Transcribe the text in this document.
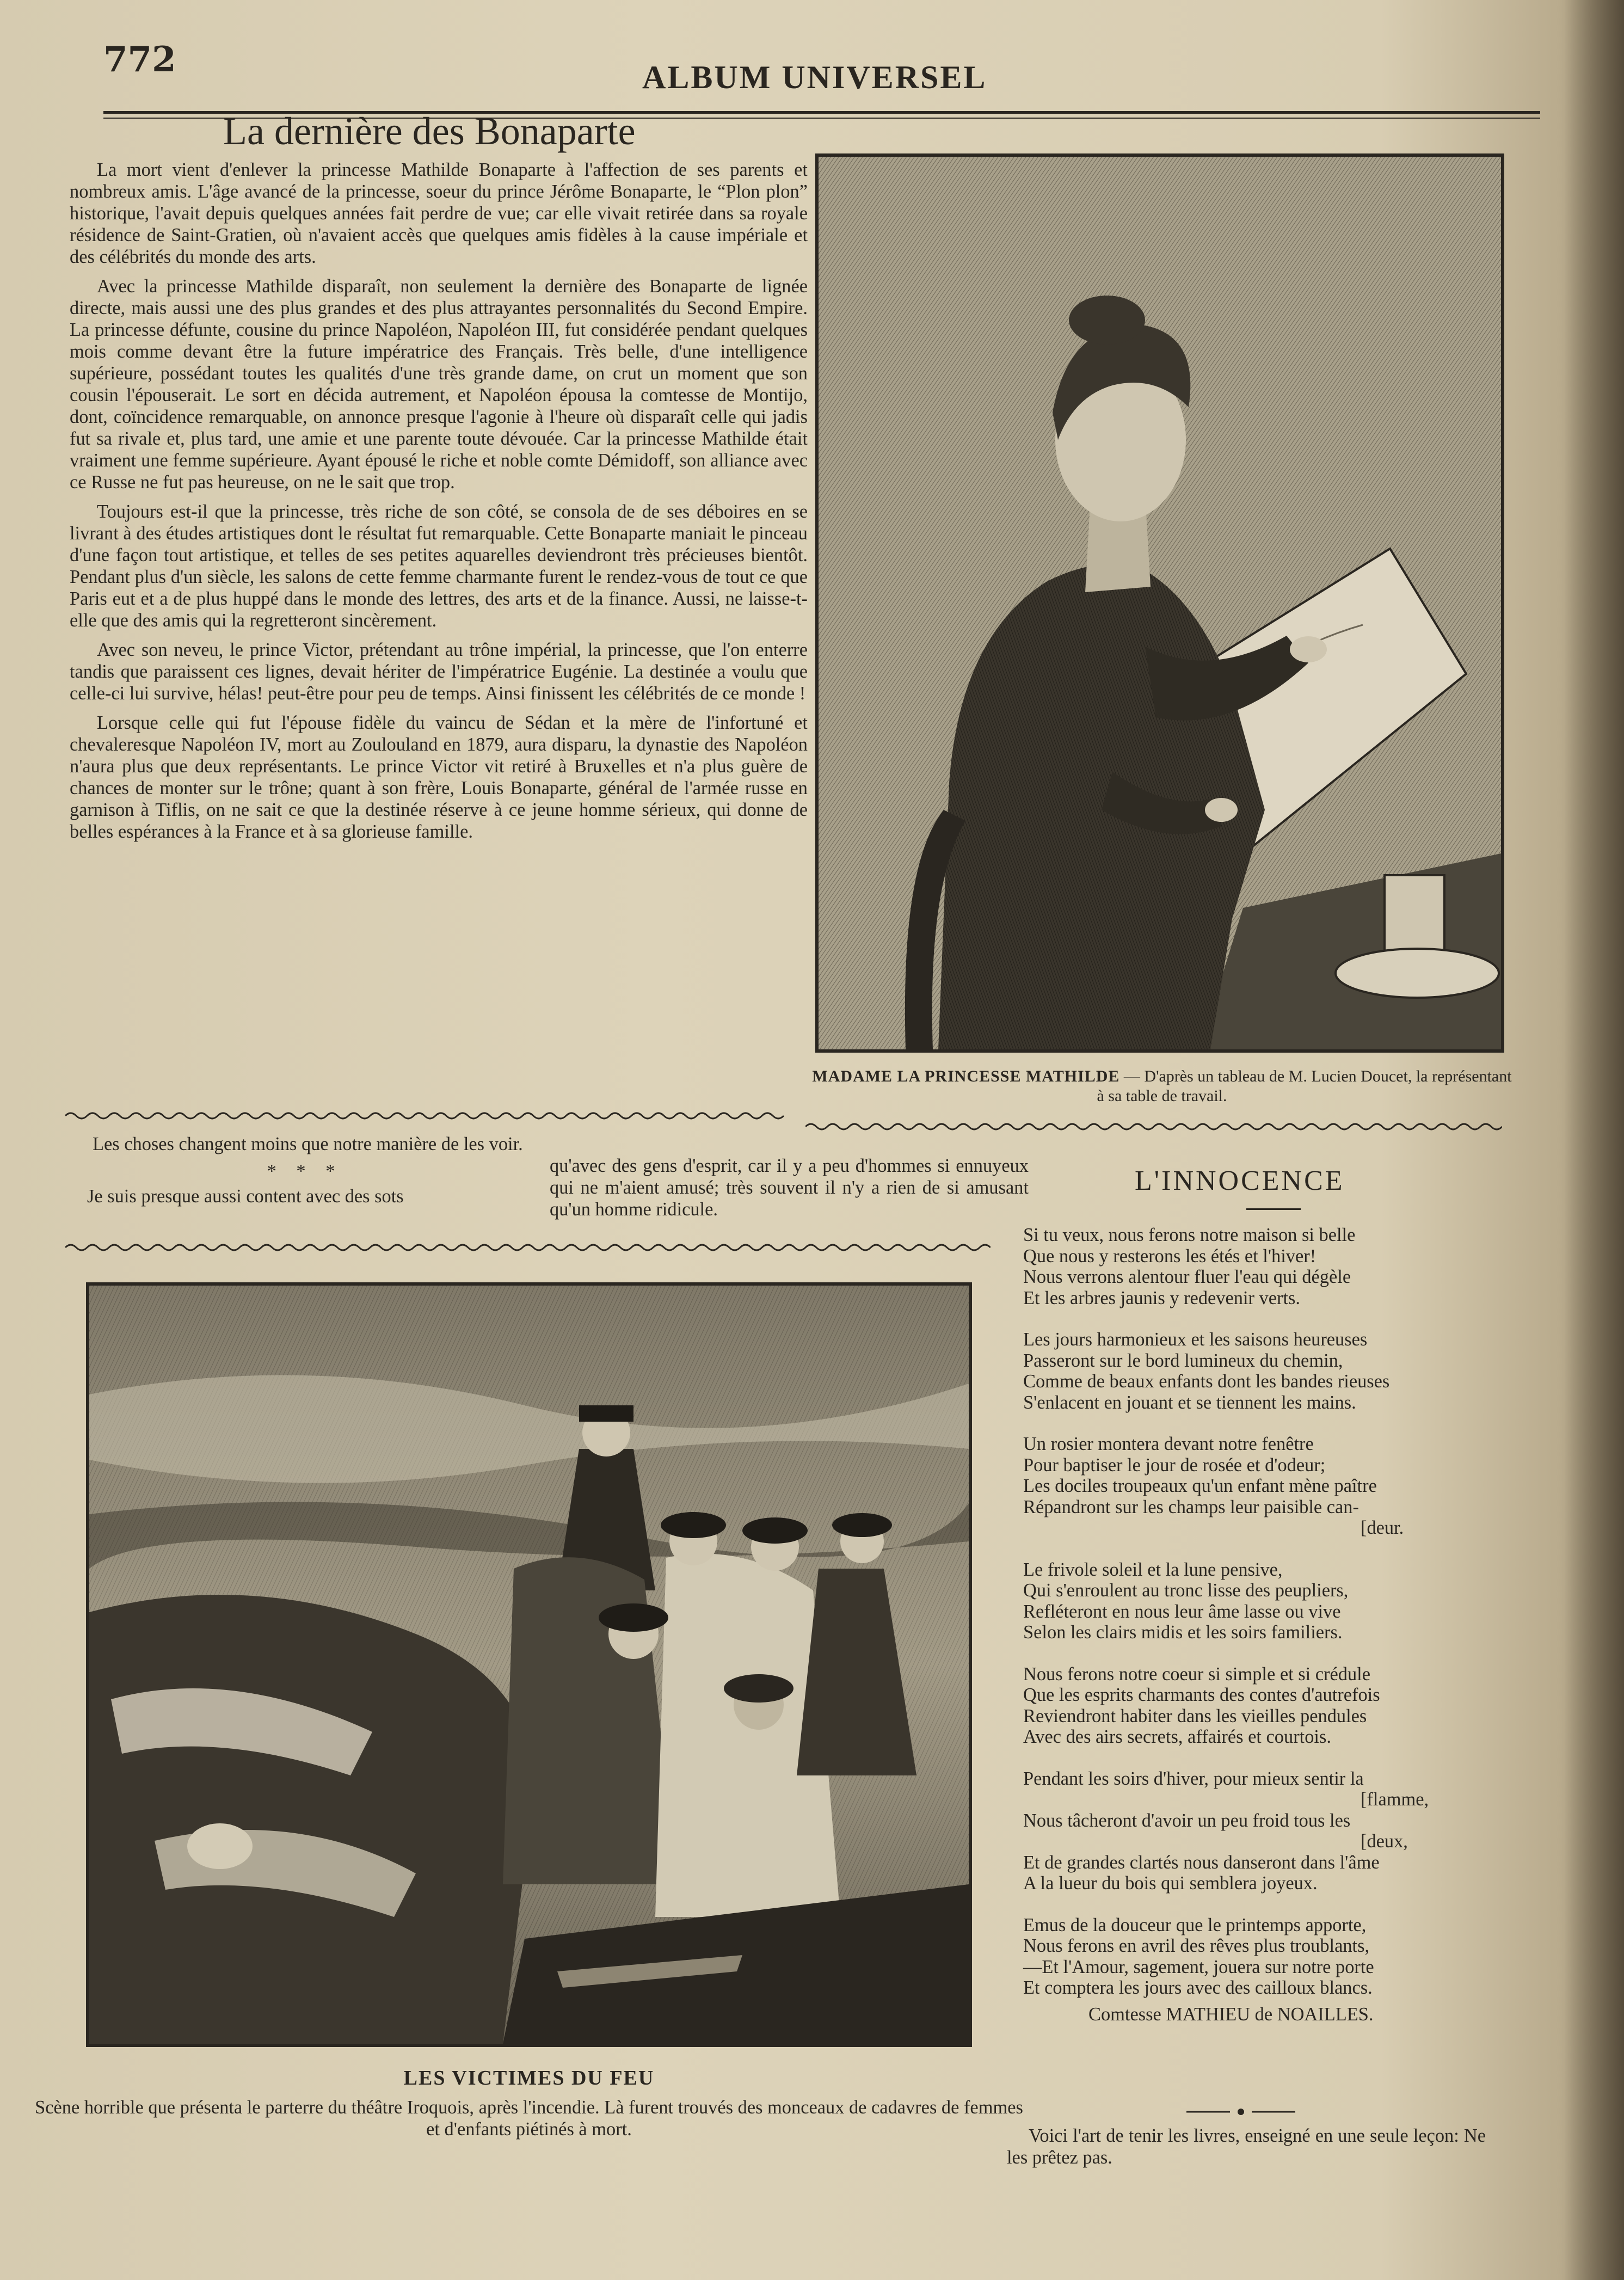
772	ALBUM UNIVERSEL
La dernière des Bonaparte

La mort vient d'enlever la princesse Mathilde Bonaparte à l'affection de ses parents et nombreux amis. L'âge avancé de la princesse, soeur du prince Jérôme Bonaparte, le “Plon plon” historique, l'avait depuis quelques années fait perdre de vue; car elle vivait retirée dans sa royale résidence de Saint-Gratien, où n'avaient accès que quelques amis fidèles à la cause impériale et des célébrités du monde des arts.

Avec la princesse Mathilde disparaît, non seulement la dernière des Bonaparte de lignée directe, mais aussi une des plus grandes et des plus attrayantes personnalités du Second Empire. La princesse défunte, cousine du prince Napoléon, Napoléon III, fut considérée pendant quelques mois comme devant être la future impératrice des Français. Très belle, d'une intelligence supérieure, possédant toutes les qualités d'une très grande dame, on crut un moment que son cousin l'épouserait. Le sort en décida autrement, et Napoléon épousa la comtesse de Montijo, dont, coïncidence remarquable, on annonce presque l'agonie à l'heure où disparaît celle qui jadis fut sa rivale et, plus tard, une amie et une parente toute dévouée. Car la princesse Mathilde était vraiment une femme supérieure. Ayant épousé le riche et noble comte Démidoff, son alliance avec ce Russe ne fut pas heureuse, on ne le sait que trop.

Toujours est-il que la princesse, très riche de son côté, se consola de de ses déboires en se livrant à des études artistiques dont le résultat fut remarquable. Cette Bonaparte maniait le pinceau d'une façon tout artistique, et telles de ses petites aquarelles deviendront très précieuses bientôt. Pendant plus d'un siècle, les salons de cette femme charmante furent le rendez-vous de tout ce que Paris eut et a de plus huppé dans le monde des lettres, des arts et de la finance. Aussi, ne laisse-t-elle que des amis qui la regretteront sincèrement.

Avec son neveu, le prince Victor, prétendant au trône impérial, la princesse, que l'on enterre tandis que paraissent ces lignes, devait hériter de l'impératrice Eugénie. La destinée a voulu que celle-ci lui survive, hélas! peut-être pour peu de temps. Ainsi finissent les célébrités de ce monde !

Lorsque celle qui fut l'épouse fidèle du vaincu de Sédan et la mère de l'infortuné et chevaleresque Napoléon IV, mort au Zoulouland en 1879, aura disparu, la dynastie des Napoléon n'aura plus que deux représentants. Le prince Victor vit retiré à Bruxelles et n'a plus guère de chances de monter sur le trône; quant à son frère, Louis Bonaparte, général de l'armée russe en garnison à Tiflis, on ne sait ce que la destinée réserve à ce jeune homme sérieux, qui donne de belles espérances à la France et à sa glorieuse famille.

MADAME LA PRINCESSE MATHILDE — D'après un tableau de M. Lucien Doucet, la représentant à sa table de travail.
Les choses changent moins que notre manière de les voir.
* * *
Je suis presque aussi content avec des sots
qu'avec des gens d'esprit, car il y a peu d'hommes si ennuyeux qui ne m'aient amusé; très souvent il n'y a rien de si amusant qu'un homme ridicule.
L'INNOCENCE
Si tu veux, nous ferons notre maison si belle
Que nous y resterons les étés et l'hiver!
Nous verrons alentour fluer l'eau qui dégèle
Et les arbres jaunis y redevenir verts.
Les jours harmonieux et les saisons heureuses
Passeront sur le bord lumineux du chemin,
Comme de beaux enfants dont les bandes rieuses
S'enlacent en jouant et se tiennent les mains.
Un rosier montera devant notre fenêtre
Pour baptiser le jour de rosée et d'odeur;
Les dociles troupeaux qu'un enfant mène paître
Répandront sur les champs leur paisible can-
[deur.
Le frivole soleil et la lune pensive,
Qui s'enroulent au tronc lisse des peupliers,
Refléteront en nous leur âme lasse ou vive
Selon les clairs midis et les soirs familiers.
Nous ferons notre coeur si simple et si crédule
Que les esprits charmants des contes d'autrefois
Reviendront habiter dans les vieilles pendules
Avec des airs secrets, affairés et courtois.
Pendant les soirs d'hiver, pour mieux sentir la
[flamme,
Nous tâcheront d'avoir un peu froid tous les
[deux,
Et de grandes clartés nous danseront dans l'âme
A la lueur du bois qui semblera joyeux.
Emus de la douceur que le printemps apporte,
Nous ferons en avril des rêves plus troublants,
—Et l'Amour, sagement, jouera sur notre porte
Et comptera les jours avec des cailloux blancs.
Comtesse MATHIEU de NOAILLES.
LES VICTIMES DU FEU
Scène horrible que présenta le parterre du théâtre Iroquois, après l'incendie. Là furent trouvés des monceaux de cadavres de femmes et d'enfants piétinés à mort.	Voici l'art de tenir les livres, enseigné en une seule leçon: Ne les prêtez pas.
